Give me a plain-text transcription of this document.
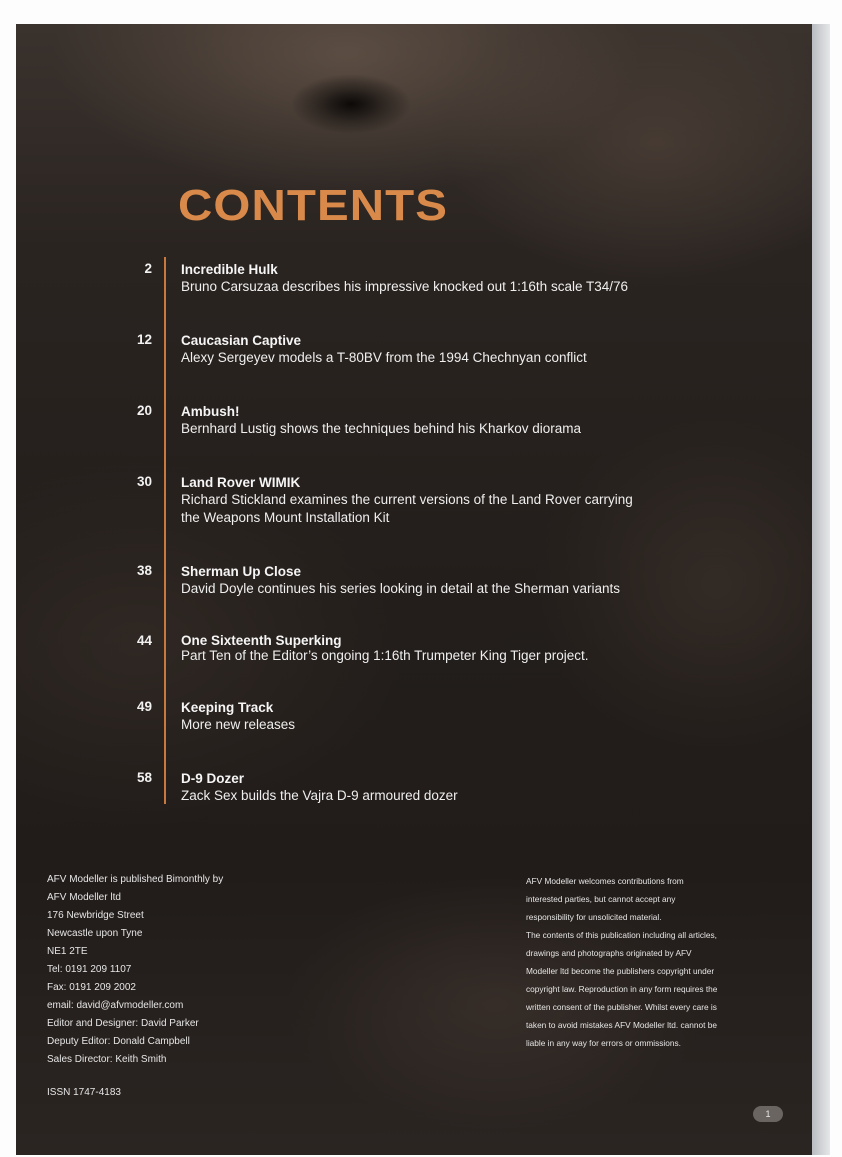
CONTENTS
2 Incredible Hulk
Bruno Carsuzaa describes his impressive knocked out 1:16th scale T34/76
12 Caucasian Captive
Alexy Sergeyev models a T-80BV from the 1994 Chechnyan conflict
20 Ambush!
Bernhard Lustig shows the techniques behind his Kharkov diorama
30 Land Rover WIMIK
Richard Stickland examines the current versions of the Land Rover carrying
the Weapons Mount Installation Kit
38 Sherman Up Close
David Doyle continues his series looking in detail at the Sherman variants
44 One Sixteenth Superking
Part Ten of the Editor’s ongoing 1:16th Trumpeter King Tiger project.
49 Keeping Track
More new releases
58 D-9 Dozer
Zack Sex builds the Vajra D-9 armoured dozer
AFV Modeller is published Bimonthly by
AFV Modeller ltd
176 Newbridge Street
Newcastle upon Tyne
NE1 2TE
Tel: 0191 209 1107
Fax: 0191 209 2002
email: david@afvmodeller.com
Editor and Designer: David Parker
Deputy Editor: Donald Campbell
Sales Director: Keith Smith
ISSN 1747-4183
AFV Modeller welcomes contributions from
interested parties, but cannot accept any
responsibility for unsolicited material.
The contents of this publication including all articles,
drawings and photographs originated by AFV
Modeller ltd become the publishers copyright under
copyright law. Reproduction in any form requires the
written consent of the publisher. Whilst every care is
taken to avoid mistakes AFV Modeller ltd. cannot be
liable in any way for errors or ommissions.
1
